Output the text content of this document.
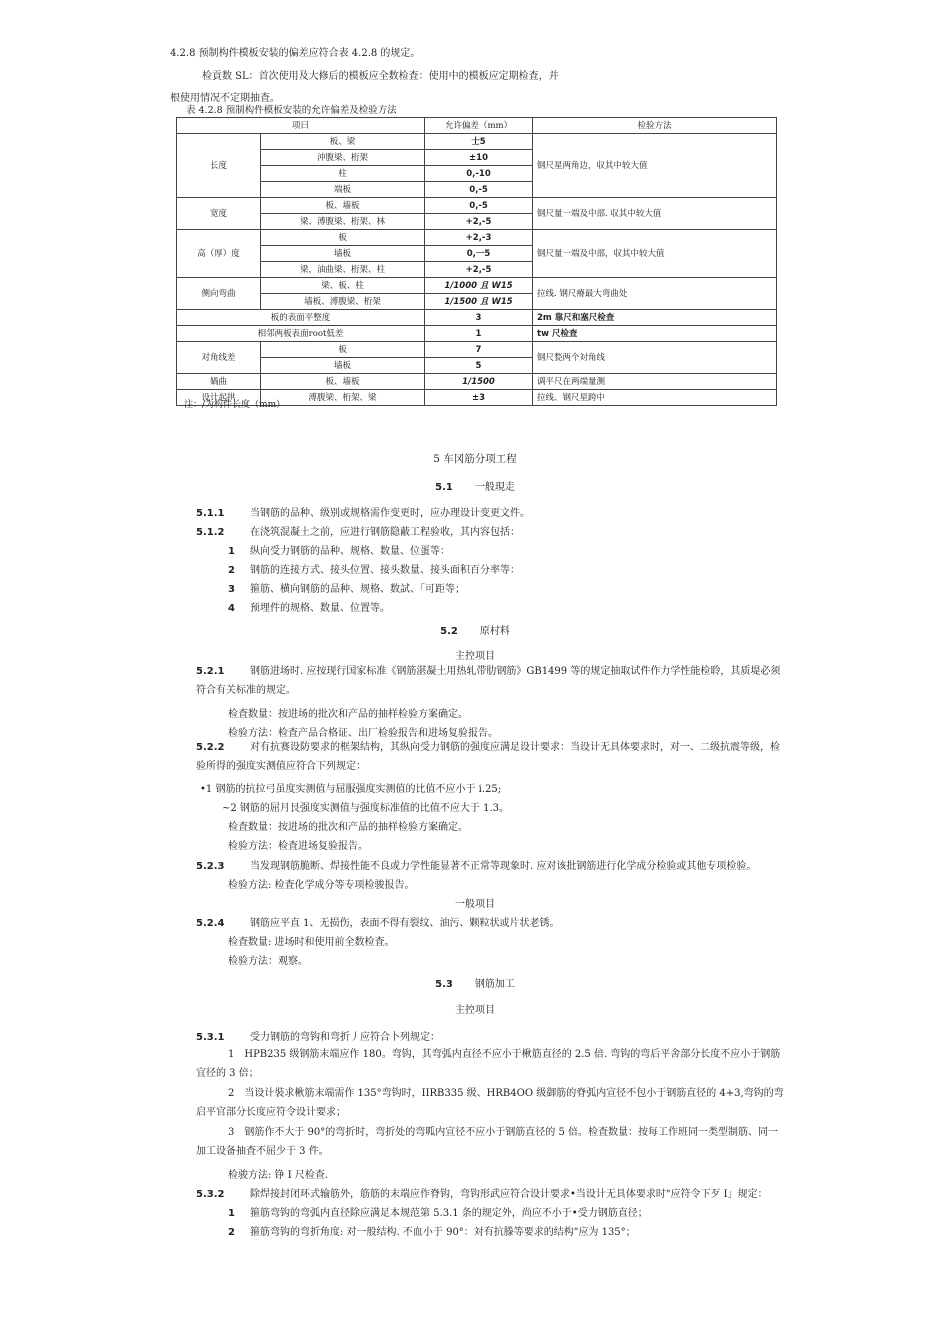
4.2.8 预制构件模板安装的偏差应符合表 4.2.8 的规定。
检貢数 SL：首次使用及大修后的模板应全数检査：使用中的模板应定期检査，并
根使用情况不定期抽査。
表 4.2.8 预制构件模板安装的允许偏差及检验方法
项曰		允许偏差（mm）	检验方法
长度	板、梁	士5	钢尺星两角边，収其中较大值
	沖腹梁、桁架	±10	
	柱	0,-10	
	端板	0,-5	
宽度	板、墙板	0,-5	钢尺量一端及中部. 収其中较大值
	梁、溥腹梁、桁架、林	+2,-5	
高（厚）度	板	+2,-3	钢尺量一端及中部，収其中较大值
	墙板	0,一5	
	梁，油曲梁、桁架、柱	+2,-5	
侧向弯曲	梁、板、柱	1/1000 且 W15	拉线. 钢尺瘠最大弯曲处
	墙板、溥腹梁、桁架	1/1500 且 W15	
板的表面平整度		3	2m 靠尺和塞尺检査
相邻两板表面root低差		1	tw 尺检査
对角线差	板	7	钢尺甃两个対角线
	墙板	5	
媧曲	板、墙板	1/1500	调平尺在两端量测
设计起拱	溥腹梁、桁架、梁	±3	拉线、钢尺星跨中
注：/为构件长度（mm）
5 车冈筋分项工程
5.1 一般現走
5.1.1	当钢筋的品种、级别或规格需作变更时，应办理设计变更文件。
5.1.2	在浇筑混凝土之前，应进行钢筋隐蔽工程验收，其内容包括：
1 纵向受力钢筋的品种、规格、数量、位蛋等：
2 钢筋的连接方式、接头位置、接头数量、接头面积百分率等：
3 箍筋、横向钢筋的品种、规格、数試、「可距等；
4 预埋件的规格、数量、位置等。
5.2 原村料
主控项目
5.2.1	钢筋进场时. 应按现行国家标准《钢筋湛凝土用热轧带肋钢筋》GB1499 等的规定抽取试件作力学性能检聆，其质堤必须符合有关标准的规定。
检査数量：按进场的批次和产品的抽样检验方案确定。
检验方法：检査产品合格证、出厂检验报告和进场复验报告。
5.2.2	对有抗赛设防要求的框架结构，其纵向受力钢筋的强度应满足设计要求：当设计无具体要求时，对一、二级抗震等级，检验所得的强度实测值应符合下列规定：
•1 钢筋的抗拉弓虽度实测值与屈服强度实测值的比值不应小于 i.25;
~2 钢筋的屈月艮强度实测值与强度标准值的比值不应大于 1.3。
检査数量：按进场的批次和产品的抽样检验方案确定。
检验方法：检査进场复验报告。
5.2.3	当发现钢筋脆断、焊接性能不良或力学性能显著不正常等现象时. 应对该批钢筋进行化学成分检验或其他专项检验。
检验方法: 检査化学成分等专项检骏报告。
一般项目
5.2.4	钢筋应平直 1、无损伤，表面不得有裂纹、油污、颗粒状或片状老锈。
检査数量: 进场时和使用前全数检査。
检验方法：观察。
5.3 钢筋加工
主控项目
5.3.1	受力钢筋的弯钩和弯折丿应符合卜列规定：
1　HPB235 级钢筋末端应作 180。弯钩，其弯弧内直径不应小于楸筋直径的 2.5 倍. 弯钩的弯后平舍部分长度不应小于钢筋宜径的 3 倍；
2　当设计裝求楸筋末端需作 135°弯钩时，IIRB335 级、HRB4OO 级御筋的脊弧内宣径不包小于钢筋直径的 4+3,弯钩的弯启平官部分长度应符令设计要求；
3　钢筋作不大于 90°的弯折时，弯折处的弯呱内宣径不应小于钢筋直径的 5 倍。检査数量：按每工作班同一类型制筋、同一加工设备抽査不屈少于 3 件。
检骏方法: 铮 I 尺检查.
5.3.2	除焊接封闭环式输筋外，筋筋的末端应作脊钩，弯钩形武应符合设计要求•当设计无具体要求时"应符令下歹 I」规定：
1 箍筋弯钩的弯弧内直径除应满足本规范第 5.3.1 条的规定外，尚应不小于•受力钢筋直径；
2 箍筋弯钩的弯折角度: 对一般结构. 不血小于 90°：対有抗滕等要求的结构"应为 135°；
